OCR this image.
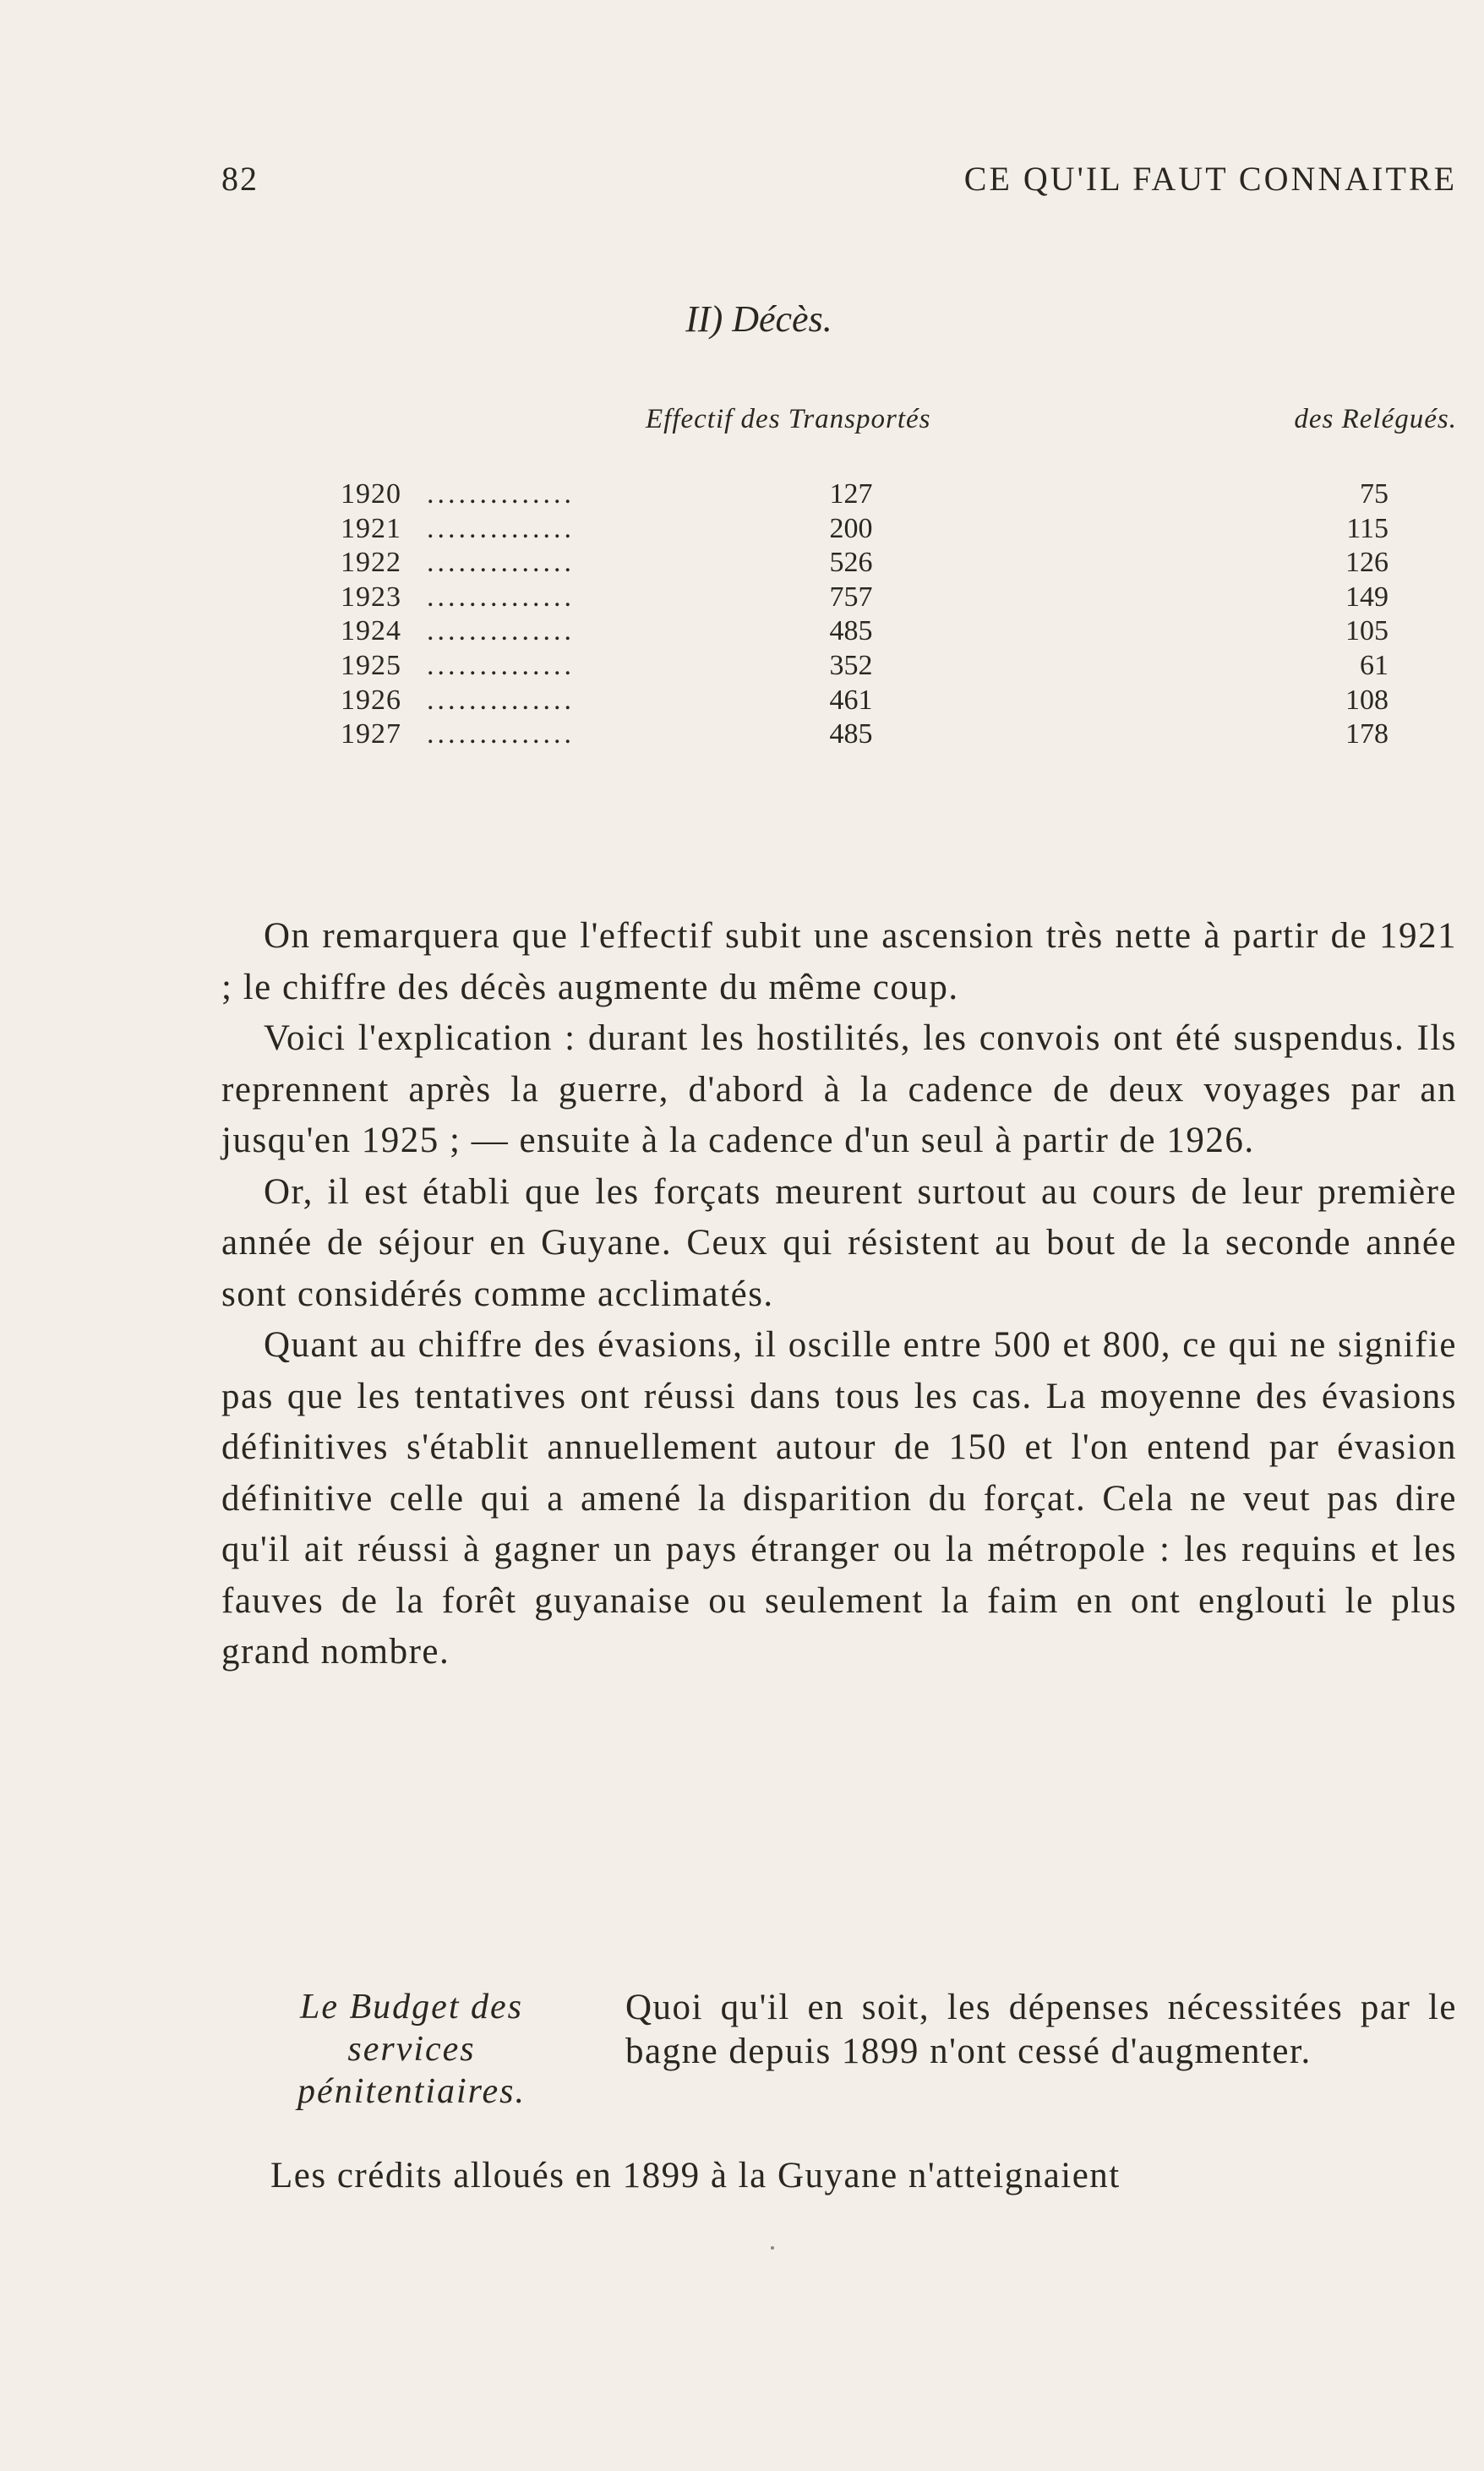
82	CE QU'IL FAUT CONNAITRE
II) Décès.
Effectif des Transportés	des Relégués.
1920 ..............	127	75
1921 ..............	200	115
1922 ..............	526	126
1923 ..............	757	149
1924 ..............	485	105
1925 ..............	352	61
1926 ..............	461	108
1927 ..............	485	178

On remarquera que l'effectif subit une ascension très nette à partir de 1921 ; le chiffre des décès augmente du même coup.

Voici l'explication : durant les hostilités, les convois ont été suspendus. Ils reprennent après la guerre, d'abord à la cadence de deux voyages par an jusqu'en 1925 ; — ensuite à la cadence d'un seul à partir de 1926.

Or, il est établi que les forçats meurent surtout au cours de leur première année de séjour en Guyane. Ceux qui résistent au bout de la seconde année sont considérés comme acclimatés.

Quant au chiffre des évasions, il oscille entre 500 et 800, ce qui ne signifie pas que les tentatives ont réussi dans tous les cas. La moyenne des évasions définitives s'établit annuellement autour de 150 et l'on entend par évasion définitive celle qui a amené la disparition du forçat. Cela ne veut pas dire qu'il ait réussi à gagner un pays étranger ou la métropole : les requins et les fauves de la forêt guyanaise ou seulement la faim en ont englouti le plus grand nombre.

Le Budget des services pénitentiaires.
Quoi qu'il en soit, les dépenses nécessitées par le bagne depuis 1899 n'ont cessé d'augmenter.
Les crédits alloués en 1899 à la Guyane n'atteignaient
